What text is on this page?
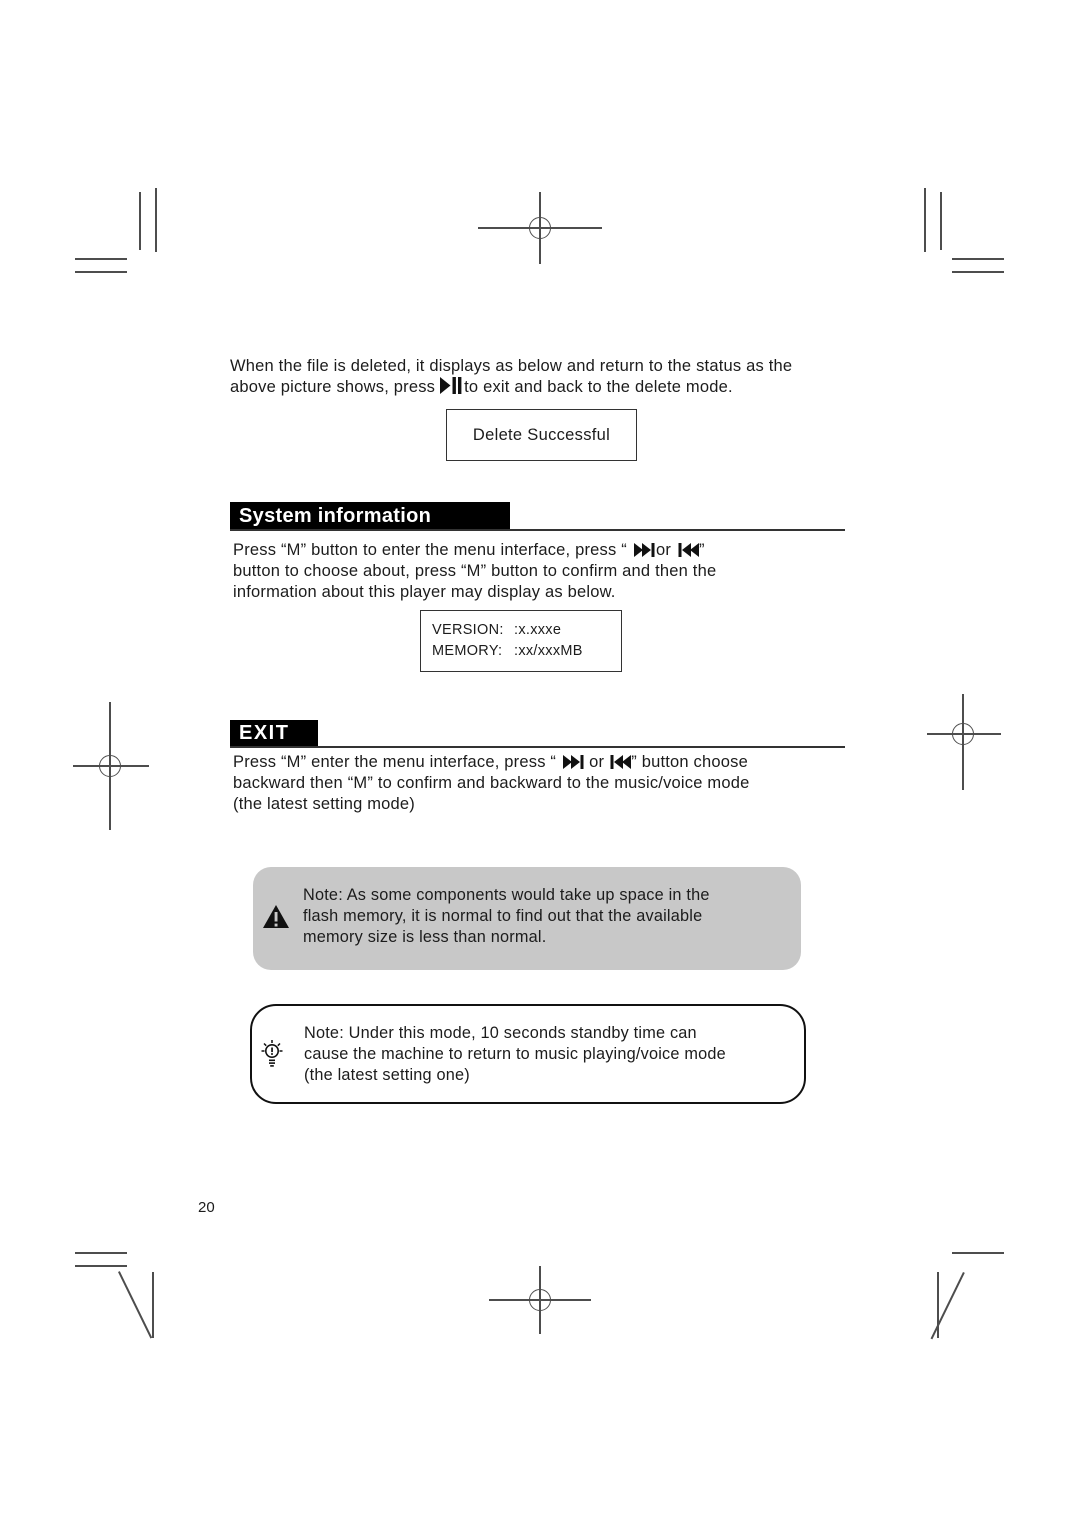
When the file is deleted, it displays as below and return to the status as the
above picture shows, press to exit and back to the delete mode.
Delete Successful
System information
Press “M” button to enter the menu interface, press “ or ”
button to choose about, press “M” button to confirm and then the
information about this player may display as below.
VERSION: :x.xxxe
MEMORY: :xx/xxxMB
EXIT
Press “M” enter the menu interface, press “ or ” button choose
backward then “M” to confirm and backward to the music/voice mode
(the latest setting mode)
Note: As some components would take up space in the
flash memory, it is normal to find out that the available
memory size is less than normal.
Note: Under this mode, 10 seconds standby time can
cause the machine to return to music playing/voice mode
(the latest setting one)
20
